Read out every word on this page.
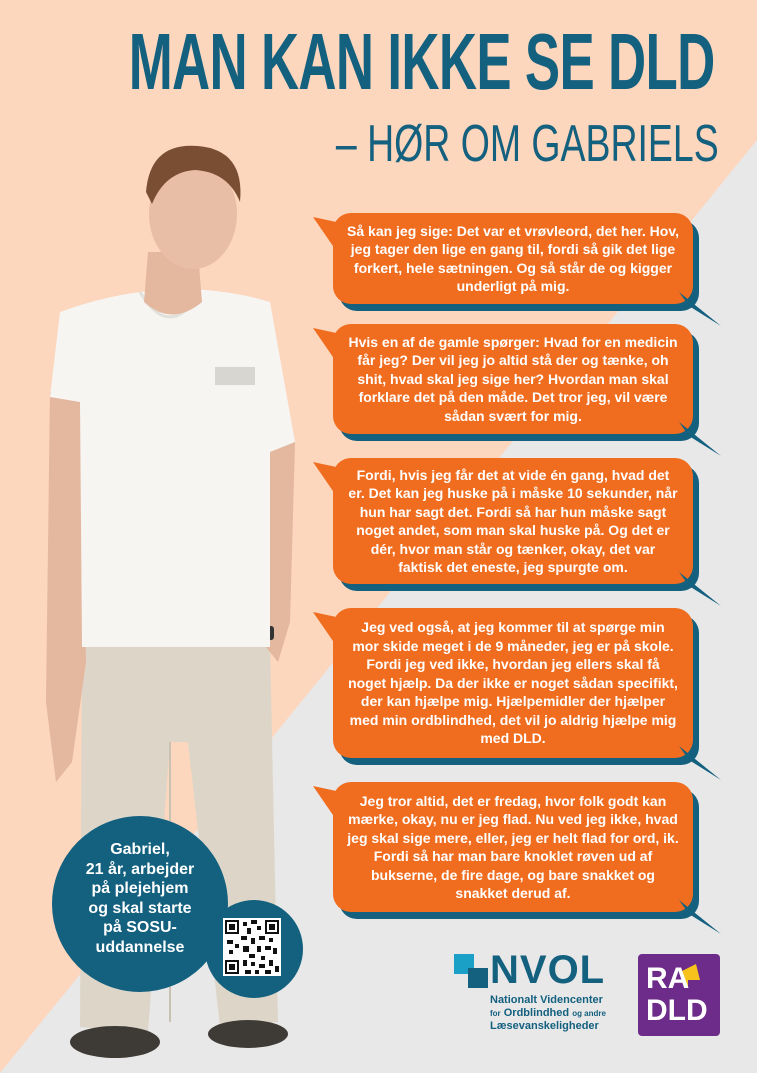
MAN KAN IKKE SE DLD
– HØR OM GABRIELS
Så kan jeg sige: Det var et vrøvleord, det her. Hov, jeg tager den lige en gang til, fordi så gik det lige forkert, hele sætningen. Og så står de og kigger underligt på mig.
Hvis en af de gamle spørger: Hvad for en medicin får jeg? Der vil jeg jo altid stå der og tænke, oh shit, hvad skal jeg sige her? Hvordan man skal forklare det på den måde. Det tror jeg, vil være sådan svært for mig.
Fordi, hvis jeg får det at vide én gang, hvad det er. Det kan jeg huske på i måske 10 sekunder, når hun har sagt det. Fordi så har hun måske sagt noget andet, som man skal huske på. Og det er dér, hvor man står og tænker, okay, det var faktisk det eneste, jeg spurgte om.
Jeg ved også, at jeg kommer til at spørge min mor skide meget i de 9 måneder, jeg er på skole. Fordi jeg ved ikke, hvordan jeg ellers skal få noget hjælp. Da der ikke er noget sådan specifikt, der kan hjælpe mig. Hjælpemidler der hjælper med min ordblindhed, det vil jo aldrig hjælpe mig med DLD.
Jeg tror altid, det er fredag, hvor folk godt kan mærke, okay, nu er jeg flad. Nu ved jeg ikke, hvad jeg skal sige mere, eller, jeg er helt flad for ord, ik. Fordi så har man bare knoklet røven ud af bukserne, de fire dage, og bare snakket og snakket derud af.
Gabriel,
21 år, arbejder
på plejehjem
og skal starte
på SOSU-
uddannelse
NVOL
Nationalt Videncenter
for Ordblindhed og andre
Læsevanskeligheder
RA
DLD
